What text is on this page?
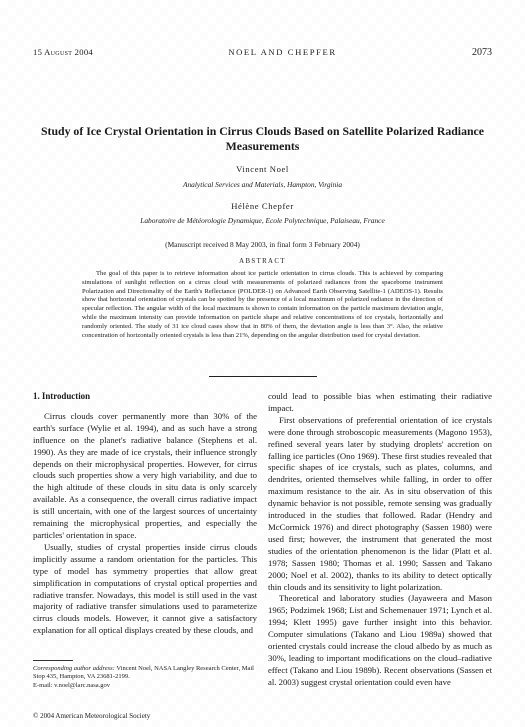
15 August 2004	NOEL AND CHEPFER	2073
Study of Ice Crystal Orientation in Cirrus Clouds Based on Satellite Polarized Radiance Measurements
Vincent Noel
Analytical Services and Materials, Hampton, Virginia
Hélène Chepfer
Laboratoire de Météorologie Dynamique, Ecole Polytechnique, Palaiseau, France
(Manuscript received 8 May 2003, in final form 3 February 2004)
ABSTRACT
The goal of this paper is to retrieve information about ice particle orientation in cirrus clouds. This is achieved by comparing simulations of sunlight reflection on a cirrus cloud with measurements of polarized radiances from the spaceborne instrument Polarization and Directionality of the Earth's Reflectance (POLDER-1) on Advanced Earth Observing Satellite-1 (ADEOS-1). Results show that horizontal orientation of crystals can be spotted by the presence of a local maximum of polarized radiance in the direction of specular reflection. The angular width of the local maximum is shown to contain information on the particle maximum deviation angle, while the maximum intensity can provide information on particle shape and relative concentrations of ice crystals, horizontally and randomly oriented. The study of 31 ice cloud cases show that in 80% of them, the deviation angle is less than 3°. Also, the relative concentration of horizontally oriented crystals is less than 21%, depending on the angular distribution used for crystal deviation.
1. Introduction

Cirrus clouds cover permanently more than 30% of the earth's surface (Wylie et al. 1994), and as such have a strong influence on the planet's radiative balance (Stephens et al. 1990). As they are made of ice crystals, their influence strongly depends on their microphysical properties. However, for cirrus clouds such properties show a very high variability, and due to the high altitude of these clouds in situ data is only scarcely available. As a consequence, the overall cirrus radiative impact is still uncertain, with one of the largest sources of uncertainty remaining the microphysical properties, and especially the particles' orientation in space.

Usually, studies of crystal properties inside cirrus clouds implicitly assume a random orientation for the particles. This type of model has symmetry properties that allow great simplification in computations of crystal optical properties and radiative transfer. Nowadays, this model is still used in the vast majority of radiative transfer simulations used to parameterize cirrus clouds models. However, it cannot give a satisfactory explanation for all optical displays created by these clouds, and

could lead to possible bias when estimating their radiative impact.

First observations of preferential orientation of ice crystals were done through stroboscopic measurements (Magono 1953), refined several years later by studying droplets' accretion on falling ice particles (Ono 1969). These first studies revealed that specific shapes of ice crystals, such as plates, columns, and dendrites, oriented themselves while falling, in order to offer maximum resistance to the air. As in situ observation of this dynamic behavior is not possible, remote sensing was gradually introduced in the studies that followed. Radar (Hendry and McCormick 1976) and direct photography (Sassen 1980) were used first; however, the instrument that generated the most studies of the orientation phenomenon is the lidar (Platt et al. 1978; Sassen 1980; Thomas et al. 1990; Sassen and Takano 2000; Noel et al. 2002), thanks to its ability to detect optically thin clouds and its sensitivity to light polarization.

Theoretical and laboratory studies (Jayaweera and Mason 1965; Podzimek 1968; List and Schemenauer 1971; Lynch et al. 1994; Klett 1995) gave further insight into this behavior. Computer simulations (Takano and Liou 1989a) showed that oriented crystals could increase the cloud albedo by as much as 30%, leading to important modifications on the cloud–radiative effect (Takano and Liou 1989b). Recent observations (Sassen et al. 2003) suggest crystal orientation could even have

Corresponding author address: Vincent Noel, NASA Langley Research Center, Mail Stop 435, Hampton, VA 23681-2199.
E-mail: v.noel@larc.nasa.gov
© 2004 American Meteorological Society
